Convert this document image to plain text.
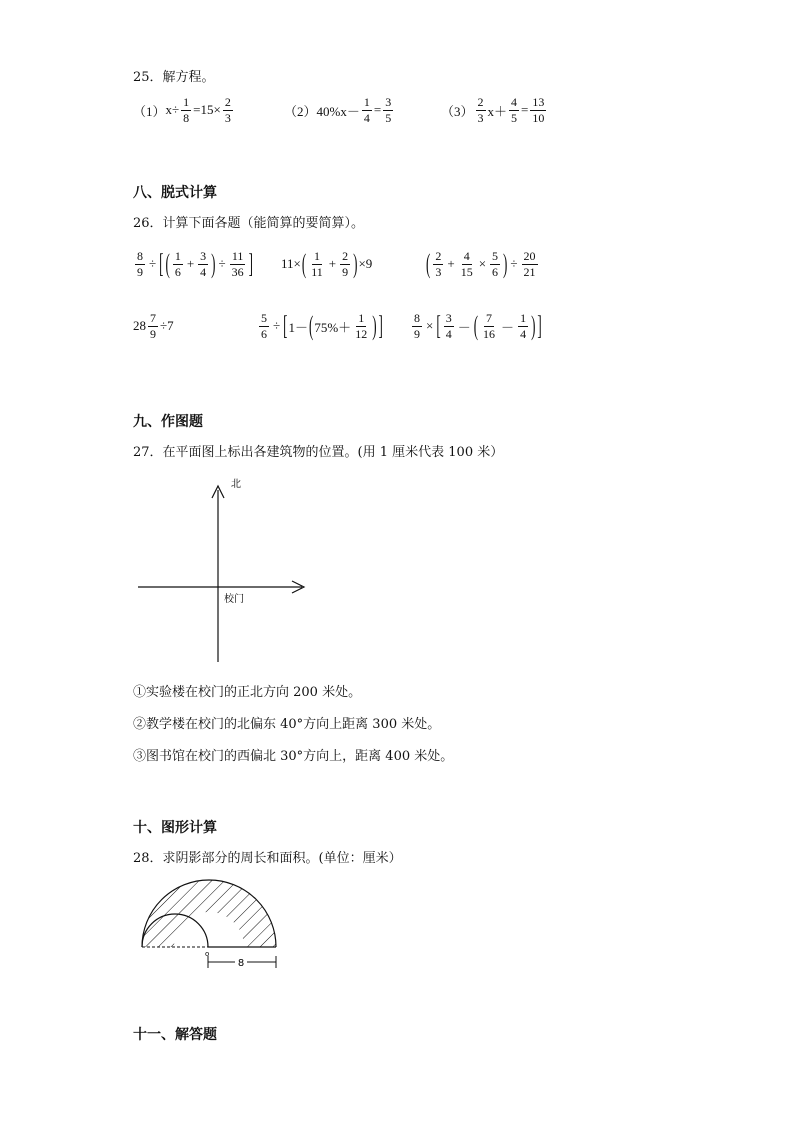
25．解方程。
（1） $x\div \frac{1}{8} =15\times \frac{2}{3}$	（2） $40\%x- \frac{1}{4} = \frac{3}{5}$	$(3) \frac{2}{3} x+ \frac{4}{5} = \frac{13}{10}$
八、脱式计算
26．计算下面各题（能简算的要简算）。
$\frac{8}{9}$ ÷ [ ( $\frac{1}{6} + \frac{3}{4}$ ) ÷ $\frac{11}{36}$ ] 11× ( $\frac{1}{11} + \frac{2}{9}$ ) ×9	( $\frac{2}{3} + \frac{4}{15} \times \frac{5}{6}$ ) ÷ $\frac{20}{21}$
$28 \frac{7}{9} \div 7$	$\frac{5}{6}$ ÷ [ 1－ ( $75\%+ \frac{1}{12}$ ) ] $\frac{8}{9}$ × [ $\frac{3}{4}$ － ( $\frac{7}{16} - \frac{1}{4}$ ) ]
九、作图题
27．在平面图上标出各建筑物的位置。(用 1 厘米代表 100 米）
北
校门
①实验楼在校门的正北方向 200 米处。
②教学楼在校门的北偏东 40°方向上距离 300 米处。
③图书馆在校门的西偏北 30°方向上，距离 400 米处。
十、图形计算
28．求阴影部分的周长和面积。(单位：厘米）
o
8
十一、解答题
